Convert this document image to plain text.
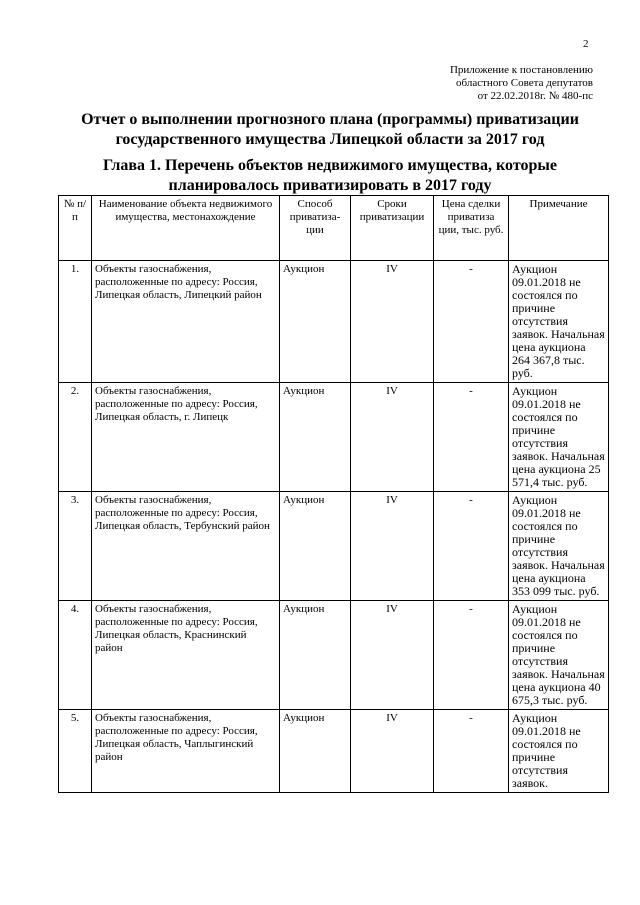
2
Приложение к постановлению
областного Совета депутатов
от 22.02.2018г. № 480-пс
Отчет о выполнении прогнозного плана (программы) приватизации
государственного имущества Липецкой области за 2017 год
Глава 1. Перечень объектов недвижимого имущества, которые
планировалось приватизировать в 2017 году
№ п/п	Наименование объекта недвижимого имущества, местонахождение	Способ приватиза-ции	Сроки приватизации	Цена сделки приватиза ции, тыс. руб.	Примечание
1.	Объекты газоснабжения, расположенные по адресу: Россия, Липецкая область, Липецкий район	Аукцион	IV	-	Аукцион 09.01.2018 не состоялся по причине отсутствия заявок. Начальная цена аукциона 264 367,8 тыс. руб.
2.	Объекты газоснабжения, расположенные по адресу: Россия, Липецкая область, г. Липецк	Аукцион	IV	-	Аукцион 09.01.2018 не состоялся по причине отсутствия заявок. Начальная цена аукциона 25 571,4 тыс. руб.
3.	Объекты газоснабжения, расположенные по адресу: Россия, Липецкая область, Тербунский район	Аукцион	IV	-	Аукцион 09.01.2018 не состоялся по причине отсутствия заявок. Начальная цена аукциона 353 099 тыс. руб.
4.	Объекты газоснабжения, расположенные по адресу: Россия, Липецкая область, Краснинский район	Аукцион	IV	-	Аукцион 09.01.2018 не состоялся по причине отсутствия заявок. Начальная цена аукциона 40 675,3 тыс. руб.
5.	Объекты газоснабжения, расположенные по адресу: Россия, Липецкая область, Чаплыгинский район	Аукцион	IV	-	Аукцион 09.01.2018 не состоялся по причине отсутствия заявок.
